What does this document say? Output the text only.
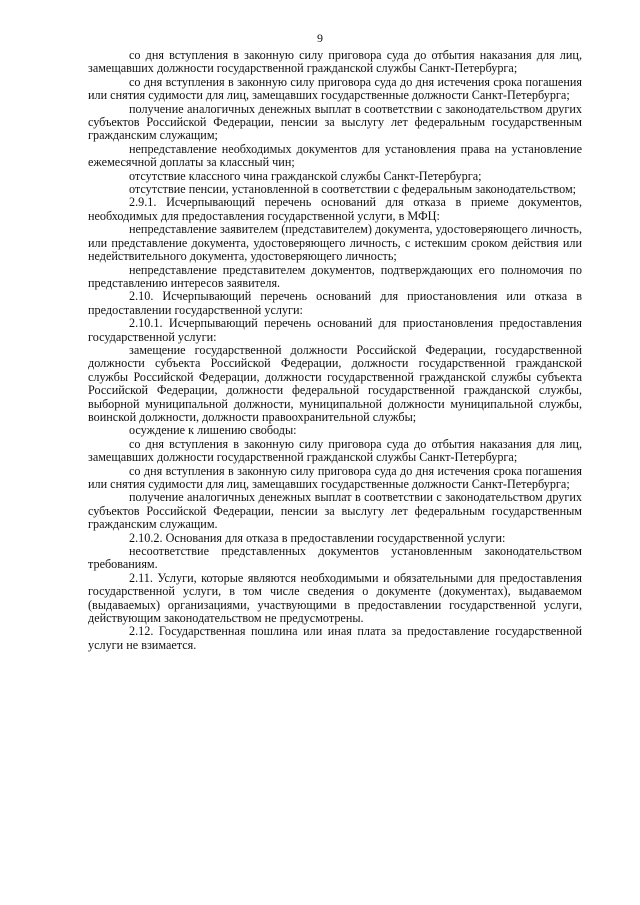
9

со дня вступления в законную силу приговора суда до отбытия наказания для лиц, замещавших должности государственной гражданской службы Санкт-Петербурга;

со дня вступления в законную силу приговора суда до дня истечения срока погашения или снятия судимости для лиц, замещавших государственные должности Санкт-Петербурга;

получение аналогичных денежных выплат в соответствии с законодательством других субъектов Российской Федерации, пенсии за выслугу лет федеральным государственным гражданским служащим;

непредставление необходимых документов для установления права на установление ежемесячной доплаты за классный чин;

отсутствие классного чина гражданской службы Санкт-Петербурга;

отсутствие пенсии, установленной в соответствии с федеральным законодательством;

2.9.1. Исчерпывающий перечень оснований для отказа в приеме документов, необходимых для предоставления государственной услуги, в МФЦ:

непредставление заявителем (представителем) документа, удостоверяющего личность, или представление документа, удостоверяющего личность, с истекшим сроком действия или недействительного документа, удостоверяющего личность;

непредставление представителем документов, подтверждающих его полномочия по представлению интересов заявителя.

2.10. Исчерпывающий перечень оснований для приостановления или отказа в предоставлении государственной услуги:

2.10.1. Исчерпывающий перечень оснований для приостановления предоставления государственной услуги:

замещение государственной должности Российской Федерации, государственной должности субъекта Российской Федерации, должности государственной гражданской службы Российской Федерации, должности государственной гражданской службы субъекта Российской Федерации, должности федеральной государственной гражданской службы, выборной муниципальной должности, муниципальной должности муниципальной службы, воинской должности, должности правоохранительной службы;

осуждение к лишению свободы:

со дня вступления в законную силу приговора суда до отбытия наказания для лиц, замещавших должности государственной гражданской службы Санкт-Петербурга;

со дня вступления в законную силу приговора суда до дня истечения срока погашения или снятия судимости для лиц, замещавших государственные должности Санкт-Петербурга;

получение аналогичных денежных выплат в соответствии с законодательством других субъектов Российской Федерации, пенсии за выслугу лет федеральным государственным гражданским служащим.

2.10.2. Основания для отказа в предоставлении государственной услуги:

несоответствие представленных документов установленным законодательством требованиям.

2.11. Услуги, которые являются необходимыми и обязательными для предоставления государственной услуги, в том числе сведения о документе (документах), выдаваемом (выдаваемых) организациями, участвующими в предоставлении государственной услуги, действующим законодательством не предусмотрены.

2.12. Государственная пошлина или иная плата за предоставление государственной услуги не взимается.
